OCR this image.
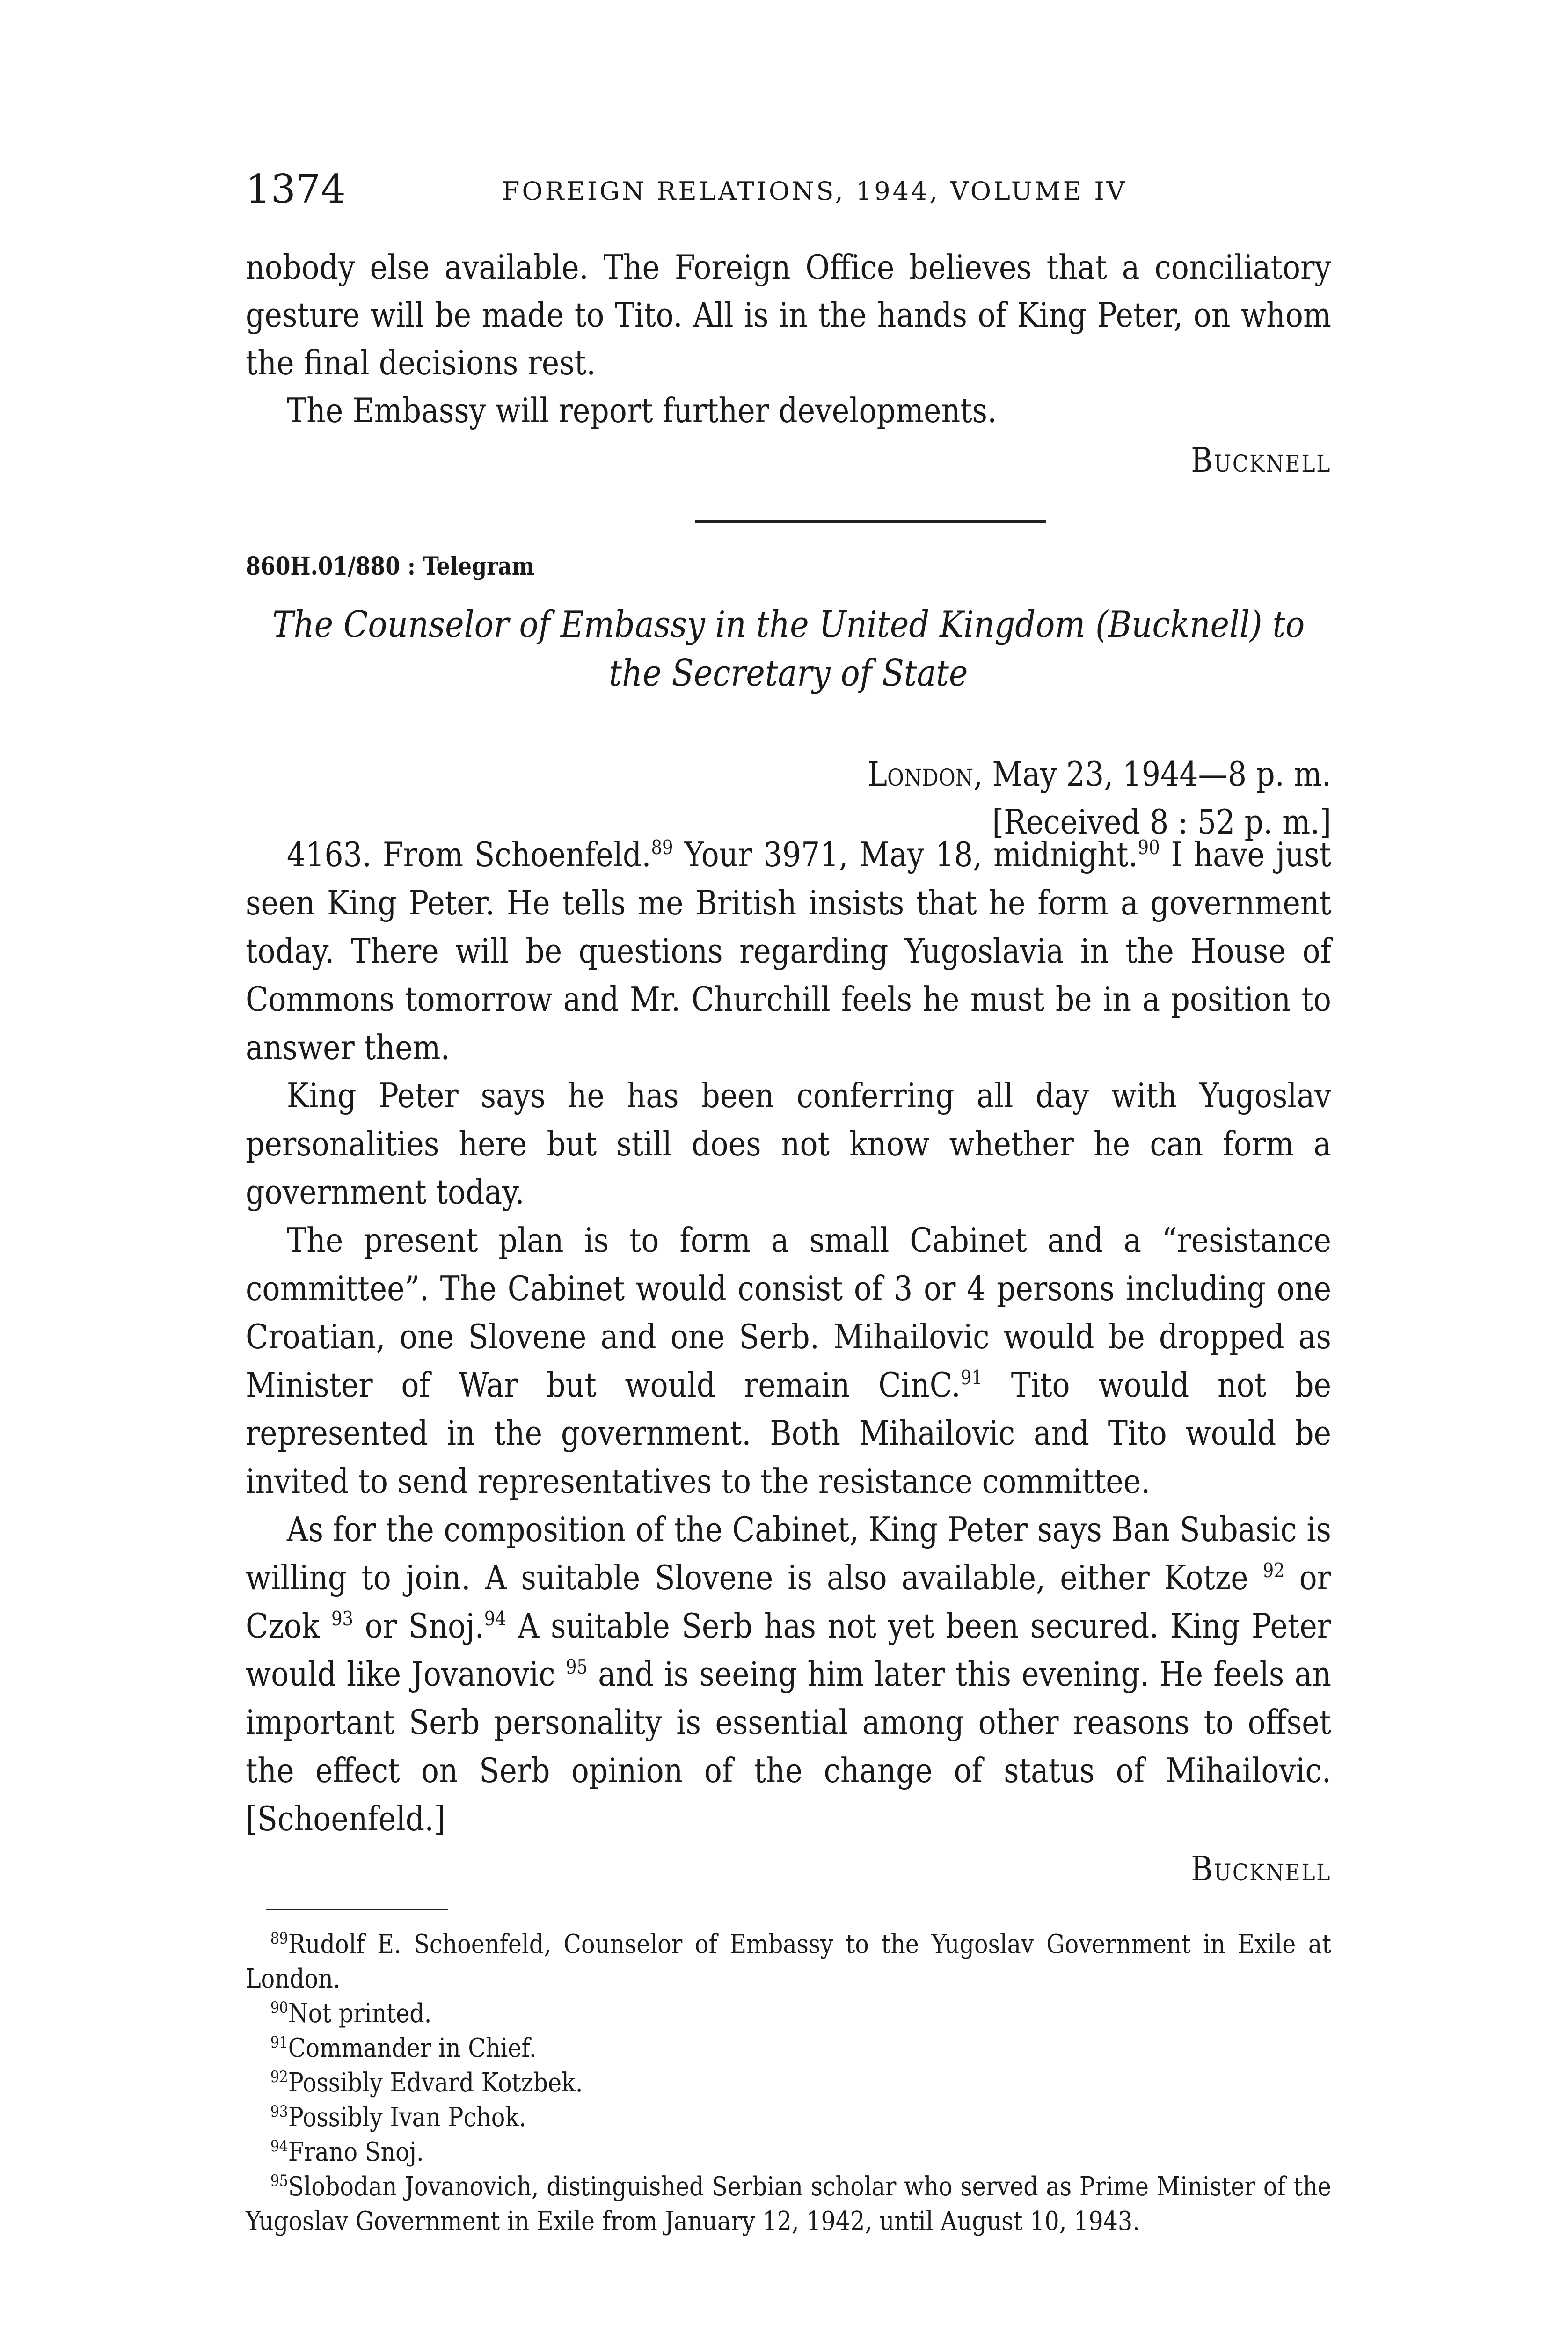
1374	FOREIGN RELATIONS, 1944, VOLUME IV

nobody else available. The Foreign Office believes that a conciliatory gesture will be made to Tito. All is in the hands of King Peter, on whom the final decisions rest.

The Embassy will report further developments.

Bucknell

860H.01/880 : Telegram

The Counselor of Embassy in the United Kingdom (Bucknell) to the Secretary of State

London, May 23, 1944—8 p. m.
[Received 8 : 52 p. m.]

4163. From Schoenfeld.$^{89}$ Your 3971, May 18, midnight.$^{90}$ I have just seen King Peter. He tells me British insists that he form a government today. There will be questions regarding Yugoslavia in the House of Commons tomorrow and Mr. Churchill feels he must be in a position to answer them.

King Peter says he has been conferring all day with Yugoslav personalities here but still does not know whether he can form a government today.

The present plan is to form a small Cabinet and a “resistance committee”. The Cabinet would consist of 3 or 4 persons including one Croatian, one Slovene and one Serb. Mihailovic would be dropped as Minister of War but would remain CinC.$^{91}$ Tito would not be represented in the government. Both Mihailovic and Tito would be invited to send representatives to the resistance committee.

As for the composition of the Cabinet, King Peter says Ban Subasic is willing to join. A suitable Slovene is also available, either Kotze $^{92}$ or Czok $^{93}$ or Snoj.$^{94}$ A suitable Serb has not yet been secured. King Peter would like Jovanovic $^{95}$ and is seeing him later this evening. He feels an important Serb personality is essential among other reasons to offset the effect on Serb opinion of the change of status of Mihailovic. [Schoenfeld.]

Bucknell

$^{89}$Rudolf E. Schoenfeld, Counselor of Embassy to the Yugoslav Government in Exile at London.

$^{90}$Not printed.

$^{91}$Commander in Chief.

$^{92}$Possibly Edvard Kotzbek.

$^{93}$Possibly Ivan Pchok.

$^{94}$Frano Snoj.

$^{95}$Slobodan Jovanovich, distinguished Serbian scholar who served as Prime Minister of the Yugoslav Government in Exile from January 12, 1942, until August 10, 1943.
